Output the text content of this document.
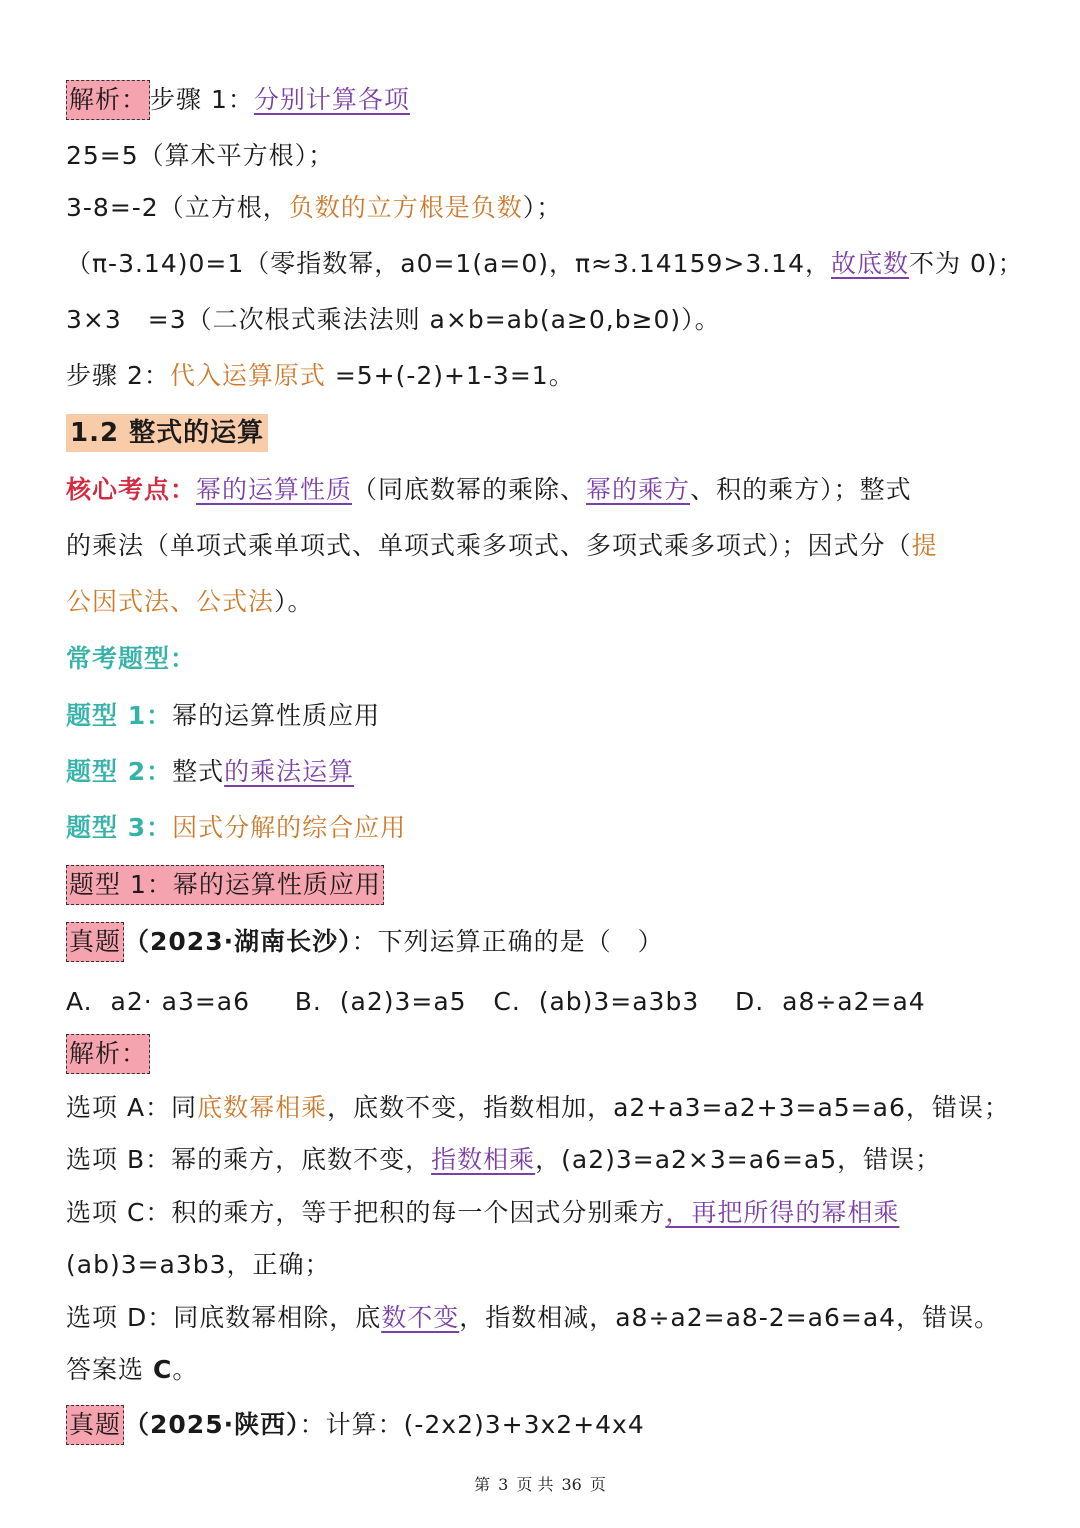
解析： 步骤 1：分别计算各项
25=5（算术平方根）；
3-8=-2（立方根，负数的立方根是负数）；
（π-3.14)0=1（零指数幂，a0=1(a=0)，π≈3.14159>3.14，故底数不为 0)；
3×3　=3（二次根式乘法法则 a×b=ab(a≥0,b≥0)）。
步骤 2：代入运算原式 =5+(-2)+1-3=1。
1.2 整式的运算
核心考点：幂的运算性质（同底数幂的乘除、幂的乘方、积的乘方）；整式
的乘法（单项式乘单项式、单项式乘多项式、多项式乘多项式）；因式分（提
公因式法、公式法）。
常考题型：
题型 1：幂的运算性质应用
题型 2：整式的乘法运算
题型 3：因式分解的综合应用
题型 1：幂的运算性质应用
真题 （2023·湖南长沙）：下列运算正确的是（　）
A.  a2· a3=a6     B.  (a2)3=a5   C.  (ab)3=a3b3    D.  a8÷a2=a4
解析：
选项 A：同底数幂相乘，底数不变，指数相加，a2+a3=a2+3=a5=a6，错误；
选项 B：幂的乘方，底数不变，指数相乘，(a2)3=a2×3=a6=a5，错误；
选项 C：积的乘方，等于把积的每一个因式分别乘方，再把所得的幂相乘
(ab)3=a3b3，正确；
选项 D：同底数幂相除，底数不变，指数相减，a8÷a2=a8-2=a6=a4，错误。
答案选 C。
真题 （2025·陕西）：计算：(-2x2)3+3x2+4x4
第 3 页 共 36 页
